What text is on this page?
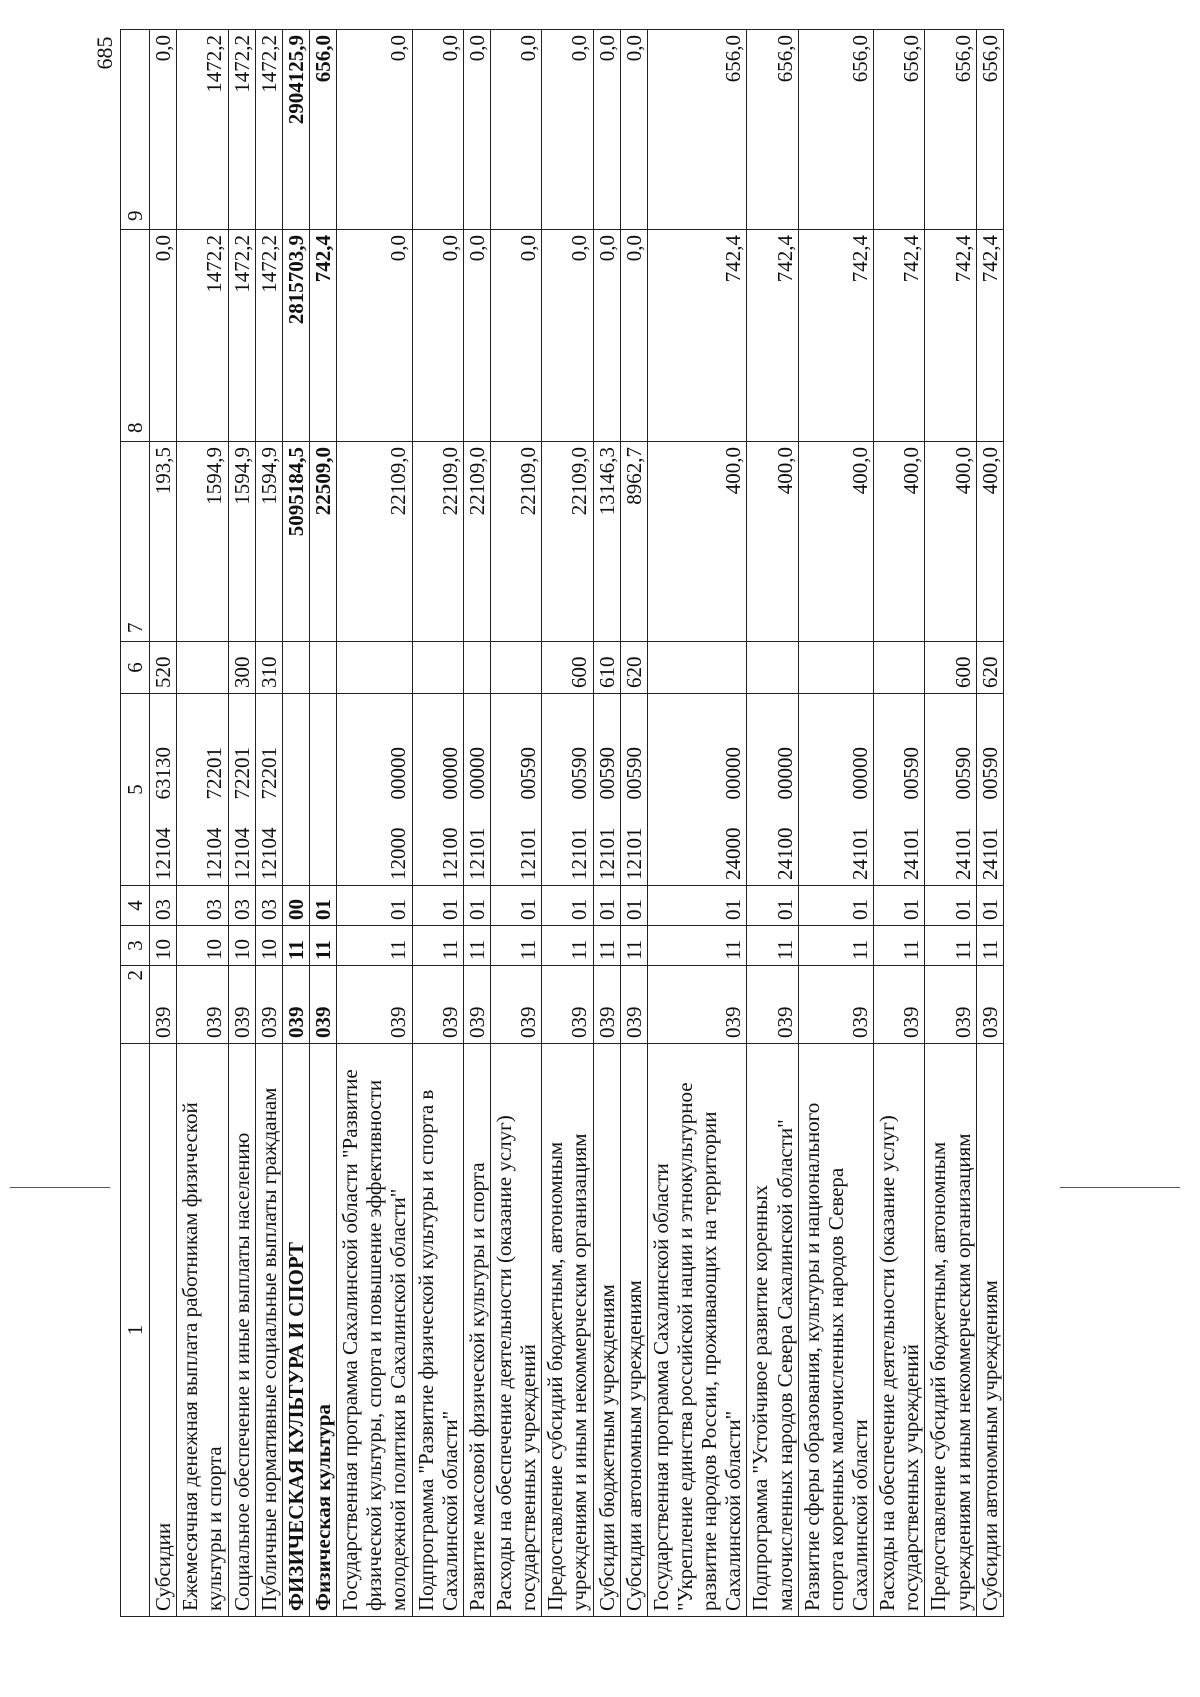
685
1	2	3	4	5		6	7	8	9
Субсидии	039	10	03	12104	63130	520	193,5	0,0	0,0
Ежемесячная денежная выплата работникам физической культуры и спорта	039	10	03	12104	72201		1594,9	1472,2	1472,2
Социальное обеспечение и иные выплаты населению	039	10	03	12104	72201	300	1594,9	1472,2	1472,2
Публичные нормативные социальные выплаты гражданам	039	10	03	12104	72201	310	1594,9	1472,2	1472,2
ФИЗИЧЕСКАЯ КУЛЬТУРА И СПОРТ	039	11	00				5095184,5	2815703,9	2904125,9
Физическая культура	039	11	01				22509,0	742,4	656,0
Государственная программа Сахалинской области "Развитие физической культуры, спорта и повышение эффективности молодежной политики в Сахалинской области"	039	11	01	12000	00000		22109,0	0,0	0,0
Подпрограмма "Развитие физической культуры и спорта в Сахалинской области"	039	11	01	12100	00000		22109,0	0,0	0,0
Развитие массовой физической культуры и спорта	039	11	01	12101	00000		22109,0	0,0	0,0
Расходы на обеспечение деятельности (оказание услуг) государственных учреждений	039	11	01	12101	00590		22109,0	0,0	0,0
Предоставление субсидий бюджетным, автономным учреждениям и иным некоммерческим организациям	039	11	01	12101	00590	600	22109,0	0,0	0,0
Субсидии бюджетным учреждениям	039	11	01	12101	00590	610	13146,3	0,0	0,0
Субсидии автономным учреждениям	039	11	01	12101	00590	620	8962,7	0,0	0,0
Государственная программа Сахалинской области "Укрепление единства российской нации и этнокультурное развитие народов России, проживающих на территории Сахалинской области"	039	11	01	24000	00000		400,0	742,4	656,0
Подпрограмма "Устойчивое развитие коренных малочисленных народов Севера Сахалинской области"	039	11	01	24100	00000		400,0	742,4	656,0
Развитие сферы образования, культуры и национального спорта коренных малочисленных народов Севера Сахалинской области	039	11	01	24101	00000		400,0	742,4	656,0
Расходы на обеспечение деятельности (оказание услуг) государственных учреждений	039	11	01	24101	00590		400,0	742,4	656,0
Предоставление субсидий бюджетным, автономным учреждениям и иным некоммерческим организациям	039	11	01	24101	00590	600	400,0	742,4	656,0
Субсидии автономным учреждениям	039	11	01	24101	00590	620	400,0	742,4	656,0
